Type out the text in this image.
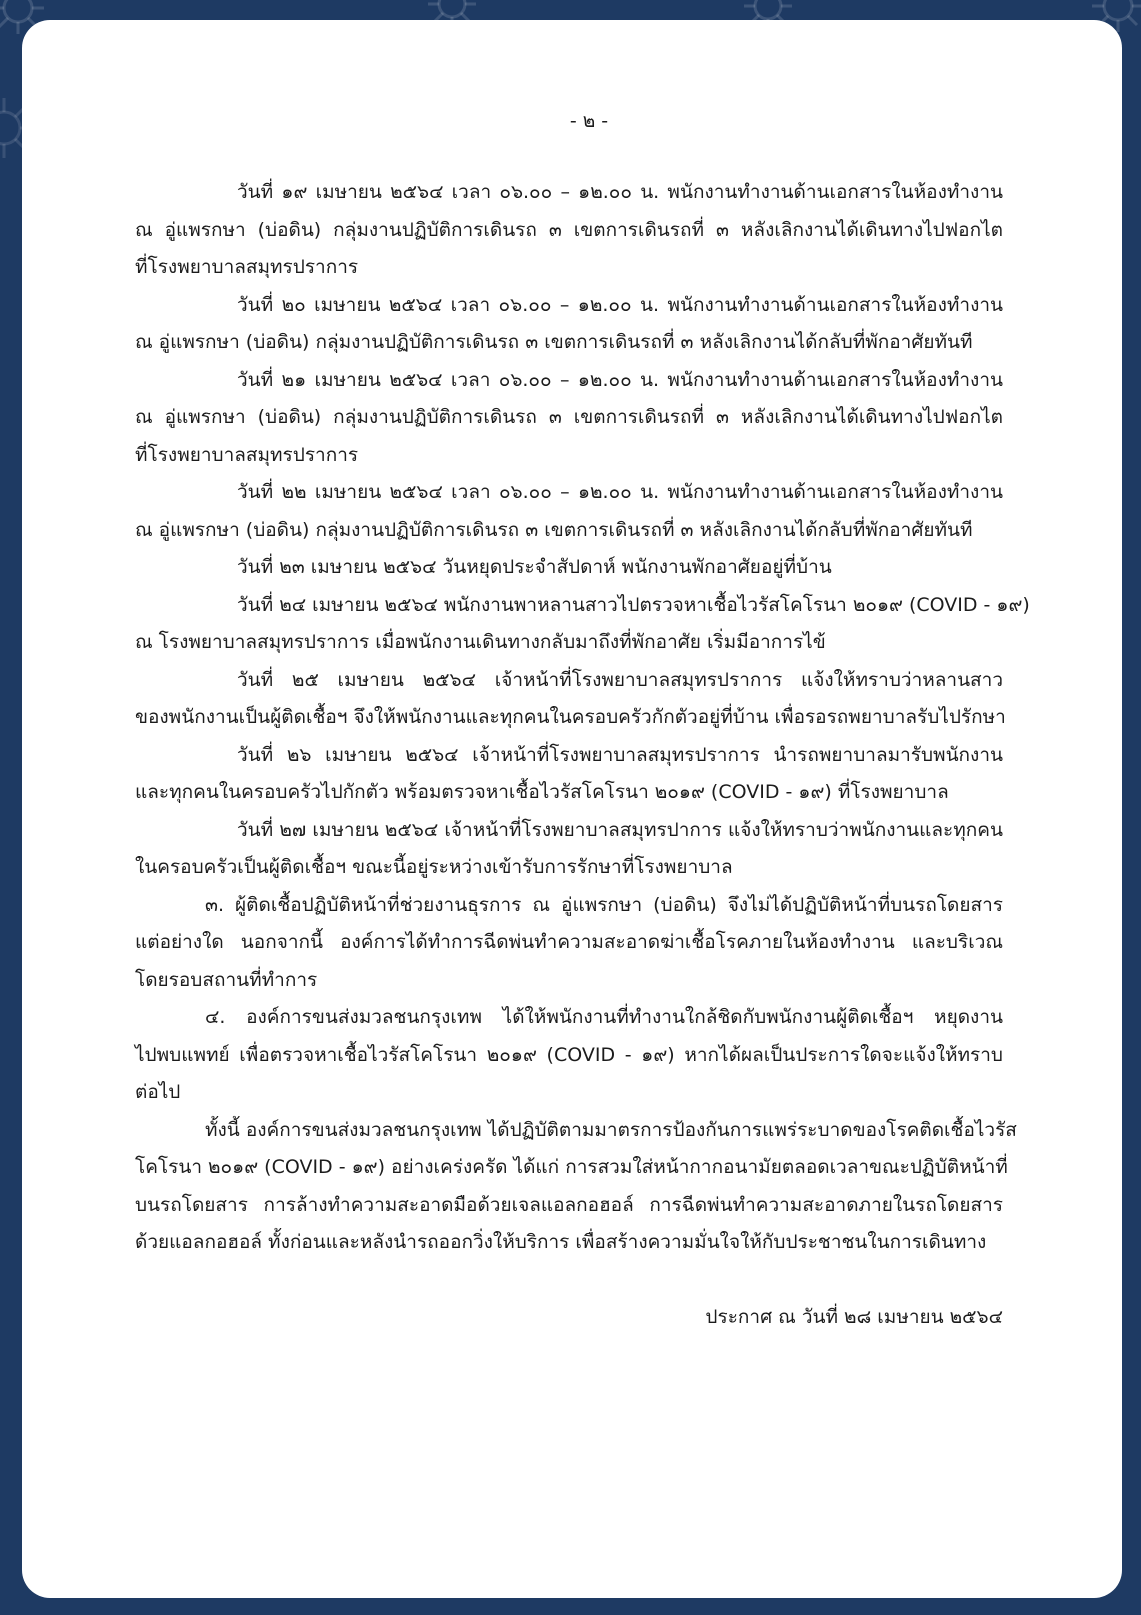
- ๒ -
วันที่ ๑๙ เมษายน ๒๕๖๔ เวลา ๐๖.๐๐ – ๑๒.๐๐ น. พนักงานทำงานด้านเอกสารในห้องทำงาน
ณ อู่แพรกษา (บ่อดิน) กลุ่มงานปฏิบัติการเดินรถ ๓ เขตการเดินรถที่ ๓ หลังเลิกงานได้เดินทางไปฟอกไต
ที่โรงพยาบาลสมุทรปราการ
วันที่ ๒๐ เมษายน ๒๕๖๔ เวลา ๐๖.๐๐ – ๑๒.๐๐ น. พนักงานทำงานด้านเอกสารในห้องทำงาน
ณ อู่แพรกษา (บ่อดิน) กลุ่มงานปฏิบัติการเดินรถ ๓ เขตการเดินรถที่ ๓ หลังเลิกงานได้กลับที่พักอาศัยทันที
วันที่ ๒๑ เมษายน ๒๕๖๔ เวลา ๐๖.๐๐ – ๑๒.๐๐ น. พนักงานทำงานด้านเอกสารในห้องทำงาน
ณ อู่แพรกษา (บ่อดิน) กลุ่มงานปฏิบัติการเดินรถ ๓ เขตการเดินรถที่ ๓ หลังเลิกงานได้เดินทางไปฟอกไต
ที่โรงพยาบาลสมุทรปราการ
วันที่ ๒๒ เมษายน ๒๕๖๔ เวลา ๐๖.๐๐ – ๑๒.๐๐ น. พนักงานทำงานด้านเอกสารในห้องทำงาน
ณ อู่แพรกษา (บ่อดิน) กลุ่มงานปฏิบัติการเดินรถ ๓ เขตการเดินรถที่ ๓ หลังเลิกงานได้กลับที่พักอาศัยทันที
วันที่ ๒๓ เมษายน ๒๕๖๔ วันหยุดประจำสัปดาห์ พนักงานพักอาศัยอยู่ที่บ้าน
วันที่ ๒๔ เมษายน ๒๕๖๔ พนักงานพาหลานสาวไปตรวจหาเชื้อไวรัสโคโรนา ๒๐๑๙ (COVID - ๑๙)
ณ โรงพยาบาลสมุทรปราการ เมื่อพนักงานเดินทางกลับมาถึงที่พักอาศัย เริ่มมีอาการไข้
วันที่ ๒๕ เมษายน ๒๕๖๔ เจ้าหน้าที่โรงพยาบาลสมุทรปราการ แจ้งให้ทราบว่าหลานสาว
ของพนักงานเป็นผู้ติดเชื้อฯ จึงให้พนักงานและทุกคนในครอบครัวกักตัวอยู่ที่บ้าน เพื่อรอรถพยาบาลรับไปรักษา
วันที่ ๒๖ เมษายน ๒๕๖๔ เจ้าหน้าที่โรงพยาบาลสมุทรปราการ นำรถพยาบาลมารับพนักงาน
และทุกคนในครอบครัวไปกักตัว พร้อมตรวจหาเชื้อไวรัสโคโรนา ๒๐๑๙ (COVID - ๑๙) ที่โรงพยาบาล
วันที่ ๒๗ เมษายน ๒๕๖๔ เจ้าหน้าที่โรงพยาบาลสมุทรปาการ แจ้งให้ทราบว่าพนักงานและทุกคน
ในครอบครัวเป็นผู้ติดเชื้อฯ ขณะนี้อยู่ระหว่างเข้ารับการรักษาที่โรงพยาบาล
๓. ผู้ติดเชื้อปฏิบัติหน้าที่ช่วยงานธุรการ ณ อู่แพรกษา (บ่อดิน) จึงไม่ได้ปฏิบัติหน้าที่บนรถโดยสาร
แต่อย่างใด นอกจากนี้ องค์การได้ทำการฉีดพ่นทำความสะอาดฆ่าเชื้อโรคภายในห้องทำงาน และบริเวณ
โดยรอบสถานที่ทำการ
๔. องค์การขนส่งมวลชนกรุงเทพ ได้ให้พนักงานที่ทำงานใกล้ชิดกับพนักงานผู้ติดเชื้อฯ หยุดงาน
ไปพบแพทย์ เพื่อตรวจหาเชื้อไวรัสโคโรนา ๒๐๑๙ (COVID - ๑๙) หากได้ผลเป็นประการใดจะแจ้งให้ทราบ
ต่อไป
ทั้งนี้ องค์การขนส่งมวลชนกรุงเทพ ได้ปฏิบัติตามมาตรการป้องกันการแพร่ระบาดของโรคติดเชื้อไวรัส
โคโรนา ๒๐๑๙ (COVID - ๑๙) อย่างเคร่งครัด ได้แก่ การสวมใส่หน้ากากอนามัยตลอดเวลาขณะปฏิบัติหน้าที่
บนรถโดยสาร การล้างทำความสะอาดมือด้วยเจลแอลกอฮอล์ การฉีดพ่นทำความสะอาดภายในรถโดยสาร
ด้วยแอลกอฮอล์ ทั้งก่อนและหลังนำรถออกวิ่งให้บริการ เพื่อสร้างความมั่นใจให้กับประชาชนในการเดินทาง
ประกาศ ณ วันที่ ๒๘ เมษายน ๒๕๖๔
